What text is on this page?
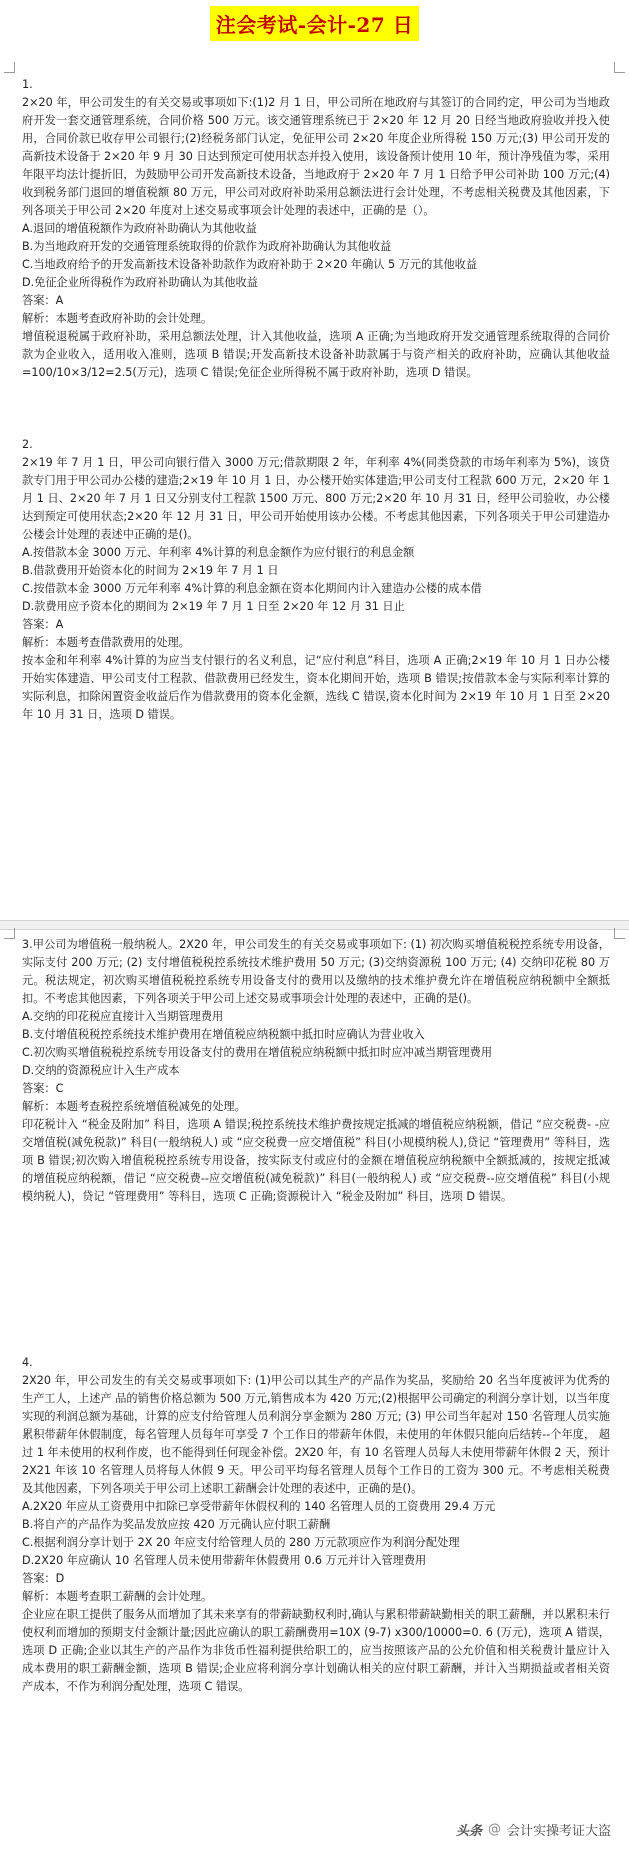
注会考试-会计-27 日
1.
2×20 年，甲公司发生的有关交易或事项如下:(1)2 月 1 日，甲公司所在地政府与其签订的合同约定，甲公司为当地政府开发一套交通管理系统，合同价格 500 万元。该交通管理系统已于 2×20 年 12 月 20 日经当地政府验收并投入使用，合同价款已收存甲公司银行;(2)经税务部门认定，免征甲公司 2×20 年度企业所得税 150 万元;(3) 甲公司开发的高新技术设备于 2×20 年 9 月 30 日达到预定可使用状态并投入使用，该设备预计使用 10 年，预计净残值为零，采用年限平均法计提折旧，为鼓励甲公司开发高新技术设备，当地政府于 2×20 年 7 月 1 日给予甲公司补助 100 万元;(4)收到税务部门退回的增值税额 80 万元，甲公司对政府补助采用总额法进行会计处理，不考虑相关税费及其他因素，下列各项关于甲公司 2×20 年度对上述交易或事项会计处理的表述中，正确的是（）。
A.退回的增值税额作为政府补助确认为其他收益
B.为当地政府开发的交通管理系统取得的价款作为政府补助确认为其他收益
C.当地政府给予的开发高新技术设备补助款作为政府补助于 2×20 年确认 5 万元的其他收益
D.免征企业所得税作为政府补助确认为其他收益
答案：A
解析：本题考查政府补助的会计处理。
增值税退税属于政府补助，采用总额法处理，计入其他收益，选项 A 正确;为当地政府开发交通管理系统取得的合同价款为企业收入，适用收入准则，选项 B 错误;开发高新技术设备补助款属于与资产相关的政府补助，应确认其他收益=100/10×3/12=2.5(万元)，选项 C 错误;免征企业所得税不属于政府补助，选项 D 错误。
2.
2×19 年 7 月 1 日，甲公司向银行借入 3000 万元;借款期限 2 年，年利率 4%(同类贷款的市场年利率为 5%)，该贷款专门用于甲公司办公楼的建造;2×19 年 10 月 1 日，办公楼开始实体建造;甲公司支付工程款 600 万元，2×20 年 1 月 1 日、2×20 年 7 月 1 日又分别支付工程款 1500 万元、800 万元;2×20 年 10 月 31 日，经甲公司验收，办公楼达到预定可使用状态;2×20 年 12 月 31 日，甲公司开始使用该办公楼。不考虑其他因素，下列各项关于甲公司建造办公楼会计处理的表述中正确的是()。
A.按借款本金 3000 万元、年利率 4%计算的利息金额作为应付银行的利息金额
B.借款费用开始资本化的时间为 2×19 年 7 月 1 日
C.按借款本金 3000 万元年利率 4%计算的利息金额在资本化期间内计入建造办公楼的成本借
D.款费用应予资本化的期间为 2×19 年 7 月 1 日至 2×20 年 12 月 31 日止
答案：A
解析：本题考查借款费用的处理。
按本金和年利率 4%计算的为应当支付银行的名义利息，记“应付利息”科目，选项 A 正确;2×19 年 10 月 1 日办公楼开始实体建造、甲公司支付工程款、借款费用已经发生，资本化期间开始，选项 B 错误;按借款本金与实际利率计算的实际利息，扣除闲置资金收益后作为借款费用的资本化金额，选线 C 错误,资本化时间为 2×19 年 10 月 1 日至 2×20 年 10 月 31 日，选项 D 错误。
3.甲公司为增值税一般纳税人。2X20 年，甲公司发生的有关交易或事项如下: (1) 初次购买增值税税控系统专用设备，实际支付 200 万元; (2) 支付增值税税控系统技术维护费用 50 万元; (3)交纳资源税 100 万元; (4) 交纳印花税 80 万元。税法规定，初次购买增值税税控系统专用设备支付的费用以及缴纳的技术维护费允许在增值税应纳税额中全额抵扣。不考虑其他因素，下列各项关于甲公司上述交易或事项会计处理的表述中，正确的是()。
A.交纳的印花税应直接计入当期管理费用
B.支付增值税税控系统技术维护费用在增值税应纳税额中抵扣时应确认为营业收入
C.初次购买增值税税控系统专用设备支付的费用在增值税应纳税额中抵扣时应冲减当期管理费用
D.交纳的资源税应计入生产成本
答案：C
解析：本题考查税控系统增值税减免的处理。
印花税计入 “税金及附加” 科目，选项 A 错误;税控系统技术维护费按规定抵减的增值税应纳税额，借记 “应交税费- -应交增值税(减免税款)” 科目(一般纳税人) 或 “应交税费一应交增值税” 科目(小规模纳税人),贷记 “管理费用” 等科目，选项 B 错误;初次购入增值税税控系统专用设备，按实际支付或应付的金额在增值税应纳税额中全额抵减的，按规定抵减的增值税应纳税额，借记 “应交税费--应交增值税(减免税款)” 科目(一般纳税人) 或 “应交税费--应交增值税” 科目(小规模纳税人)，贷记 “管理费用” 等科目，选项 C 正确;资源税计入 “税金及附加” 科目，选项 D 错误。
4.
2X20 年，甲公司发生的有关交易或事项如下: (1)甲公司以其生产的产品作为奖品，奖励给 20 名当年度被评为优秀的生产工人，上述产 品的销售价格总额为 500 万元,销售成本为 420 万元;(2)根据甲公司确定的利润分享计划，以当年度实现的利润总额为基础，计算的应支付给管理人员利润分享金额为 280 万元; (3) 甲公司当年起对 150 名管理人员实施累积带薪年休假制度，每名管理人员每年可享受 7 个工作日的带薪年休假，未使用的年休假只能向后结转--个年度， 超过 1 年未使用的权利作废，也不能得到任何现金补偿。2X20 年，有 10 名管理人员每人未使用带薪年休假 2 天，预计 2X21 年该 10 名管理人员将每人休假 9 天。甲公司平均每名管理人员每个工作日的工资为 300 元。不考虑相关税费及其他因素，下列各项关于甲公司上述职工薪酬会计处理的表述中，正确的是()。
A.2X20 年应从工资费用中扣除已享受带薪年休假权利的 140 名管理人员的工资费用 29.4 万元
B.将自产的产品作为奖品发放应按 420 万元确认应付职工薪酬
C.根据利润分享计划于 2X 20 年应支付给管理人员的 280 万元款项应作为利润分配处理
D.2X20 年应确认 10 名管理人员未使用带薪年休假费用 0.6 万元并计入管理费用
答案：D
解析：本题考查职工薪酬的会计处理。
企业应在职工提供了服务从而增加了其未来享有的带薪缺勤权利时,确认与累积带薪缺勤相关的职工薪酬，并以累积未行使权利而增加的预期支付金额计量;因此应确认的职工薪酬费用=10X (9-7) x300/10000=0. 6 (万元)，选项 A 错误，选项 D 正确;企业以其生产的产品作为非货币性福利提供给职工的，应当按照该产品的公允价值和相关税费计量应计入成本费用的职工薪酬金额，选项 B 错误;企业应将利润分享计划确认相关的应付职工薪酬，并计入当期损益或者相关资产成本，不作为利润分配处理，选项 C 错误。
头条 @ 会计实操考证大盗
